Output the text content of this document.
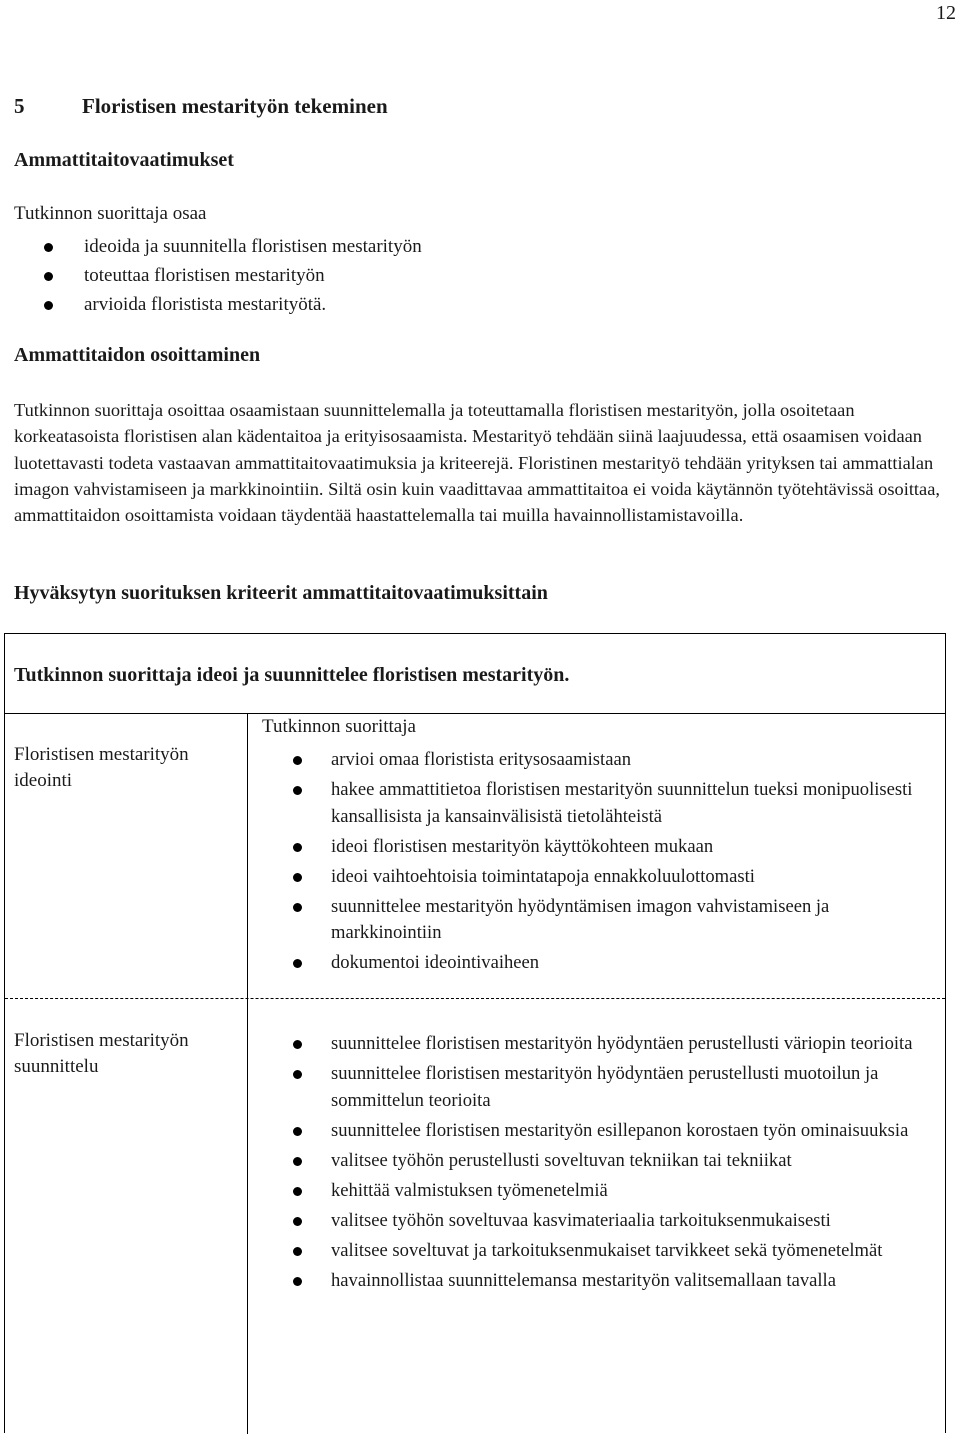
12
5	Floristisen mestarityön tekeminen
Ammattitaitovaatimukset
Tutkinnon suorittaja osaa
ideoida ja suunnitella floristisen mestarityön
toteuttaa floristisen mestarityön
arvioida floristista mestarityötä.
Ammattitaidon osoittaminen
Tutkinnon suorittaja osoittaa osaamistaan suunnittelemalla ja toteuttamalla floristisen mestarityön, jolla osoitetaan korkeatasoista floristisen alan kädentaitoa ja erityisosaamista. Mestarityö tehdään siinä laajuudessa, että osaamisen voidaan luotettavasti todeta vastaavan ammattitaitovaatimuksia ja kriteerejä. Floristinen mestarityö tehdään yrityksen tai ammattialan imagon vahvistamiseen ja markkinointiin. Siltä osin kuin vaadittavaa ammattitaitoa ei voida käytännön työtehtävissä osoittaa, ammattitaidon osoittamista voidaan täydentää haastattelemalla tai muilla havainnollistamistavoilla.
Hyväksytyn suorituksen kriteerit ammattitaitovaatimuksittain
Tutkinnon suorittaja ideoi ja suunnittelee floristisen mestarityön.
Floristisen mestarityön ideointi
Tutkinnon suorittaja
arvioi omaa floristista eritysosaamistaan
hakee ammattitietoa floristisen mestarityön suunnittelun tueksi monipuolisesti kansallisista ja kansainvälisistä tietolähteistä
ideoi floristisen mestarityön käyttökohteen mukaan
ideoi vaihtoehtoisia toimintatapoja ennakkoluulottomasti
suunnittelee mestarityön hyödyntämisen imagon vahvistamiseen ja markkinointiin
dokumentoi ideointivaiheen
Floristisen mestarityön suunnittelu
suunnittelee floristisen mestarityön hyödyntäen perustellusti väriopin teorioita
suunnittelee floristisen mestarityön hyödyntäen perustellusti muotoilun ja sommittelun teorioita
suunnittelee floristisen mestarityön esillepanon korostaen työn ominaisuuksia
valitsee työhön perustellusti soveltuvan tekniikan tai tekniikat
kehittää valmistuksen työmenetelmiä
valitsee työhön soveltuvaa kasvimateriaalia tarkoituksenmukaisesti
valitsee soveltuvat ja tarkoituksenmukaiset tarvikkeet sekä työmenetelmät
havainnollistaa suunnittelemansa mestarityön valitsemallaan tavalla
